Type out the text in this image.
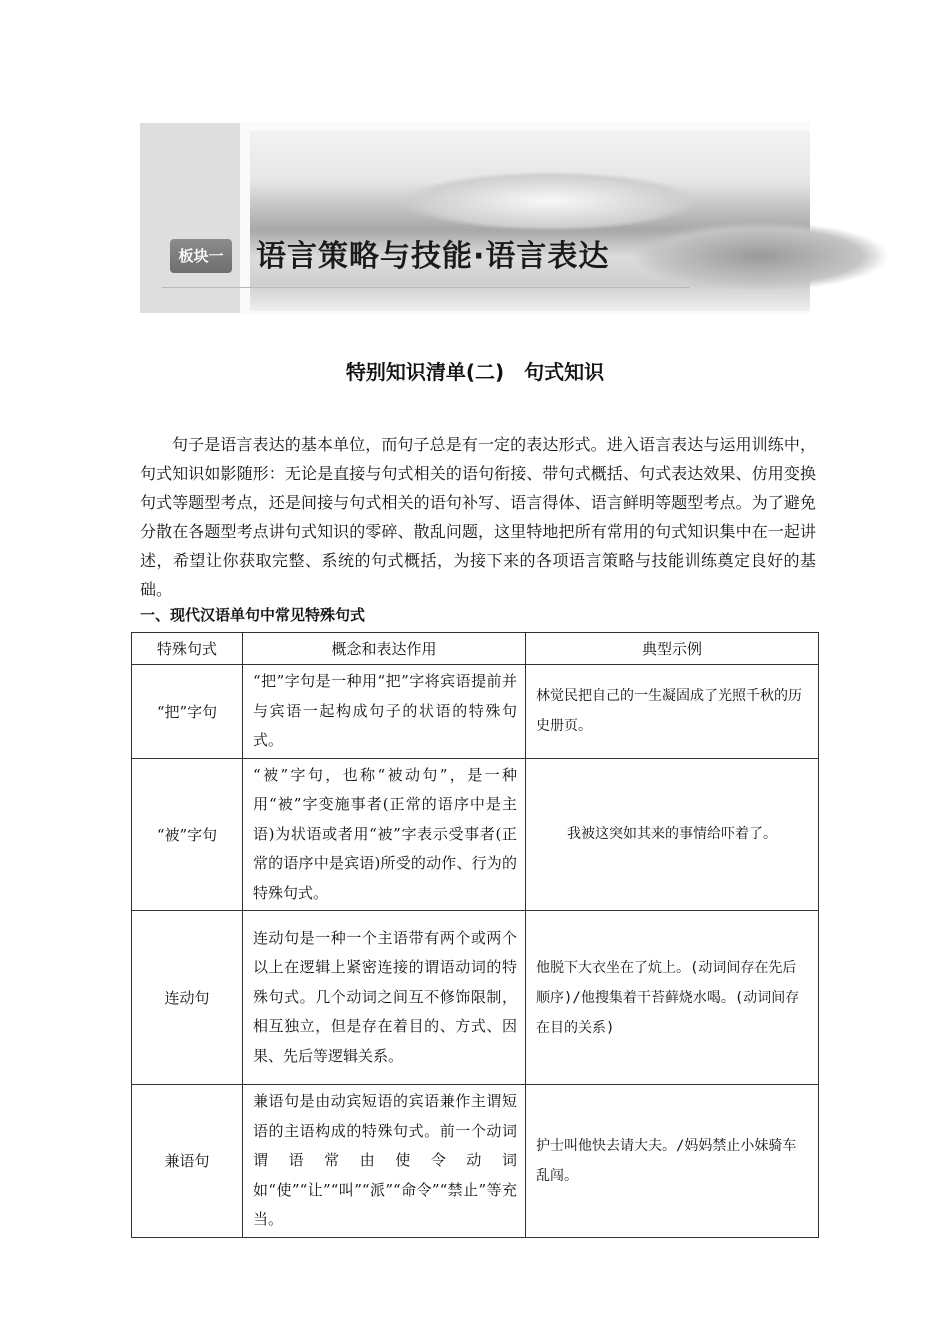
板块一 语言策略与技能·语言表达
特别知识清单(二)　句式知识

句子是语言表达的基本单位，而句子总是有一定的表达形式。进入语言表达与运用训练中，句式知识如影随形：无论是直接与句式相关的语句衔接、带句式概括、句式表达效果、仿用变换句式等题型考点，还是间接与句式相关的语句补写、语言得体、语言鲜明等题型考点。为了避免分散在各题型考点讲句式知识的零碎、散乱问题，这里特地把所有常用的句式知识集中在一起讲述，希望让你获取完整、系统的句式概括，为接下来的各项语言策略与技能训练奠定良好的基础。

一、现代汉语单句中常见特殊句式
特殊句式	概念和表达作用	典型示例
“把”字句	“把”字句是一种用“把”字将宾语提前并与宾语一起构成句子的状语的特殊句式。	林觉民把自己的一生凝固成了光照千秋的历史册页。
“被”字句	“被”字句，也称“被动句”，是一种用“被”字变施事者(正常的语序中是主语)为状语或者用“被”字表示受事者(正常的语序中是宾语)所受的动作、行为的特殊句式。	我被这突如其来的事情给吓着了。
连动句	连动句是一种一个主语带有两个或两个以上在逻辑上紧密连接的谓语动词的特殊句式。几个动词之间互不修饰限制，相互独立，但是存在着目的、方式、因果、先后等逻辑关系。	他脱下大衣坐在了炕上。(动词间存在先后顺序)/他搜集着干苔藓烧水喝。(动词间存在目的关系)
兼语句	兼语句是由动宾短语的宾语兼作主谓短语的主语构成的特殊句式。前一个动词谓语常由使令动词如“使”“让”“叫”“派”“命令”“禁止”等充当。	护士叫他快去请大夫。/妈妈禁止小妹骑车乱闯。
